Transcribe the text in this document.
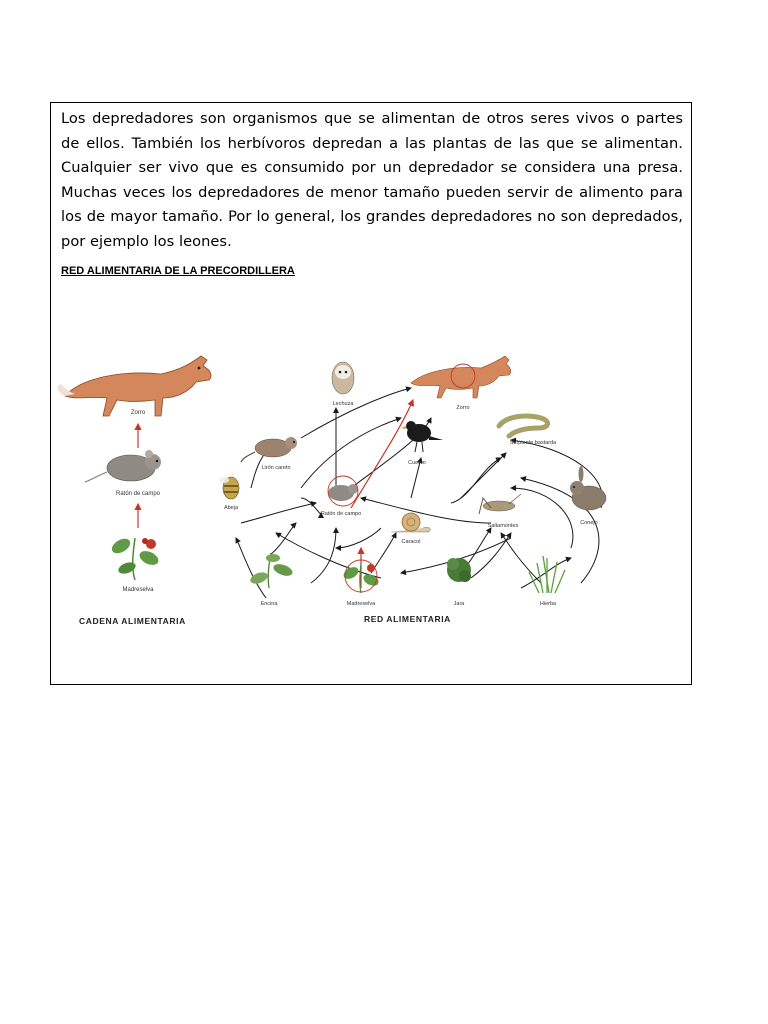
Los depredadores son organismos que se alimentan de otros seres vivos o partes de ellos. También los herbívoros depredan a las plantas de las que se alimentan. Cualquier ser vivo que es consumido por un depredador se considera una presa. Muchas veces los depredadores de menor tamaño pueden servir de alimento para los de mayor tamaño. Por lo general, los grandes depredadores no son depredados, por ejemplo los leones.

RED ALIMENTARIA DE LA PRECORDILLERA

Zorro
Ratón de campo
Madreselva
CADENA ALIMENTARIA
Lechuza
Zorro
Serpiente bastarda
Lirón careto
Cuervo
Abeja
Ratón de campo
Caracol
Saltamontes	Conejo
Encina	Madreselva	Jara	Hierba
RED ALIMENTARIA
